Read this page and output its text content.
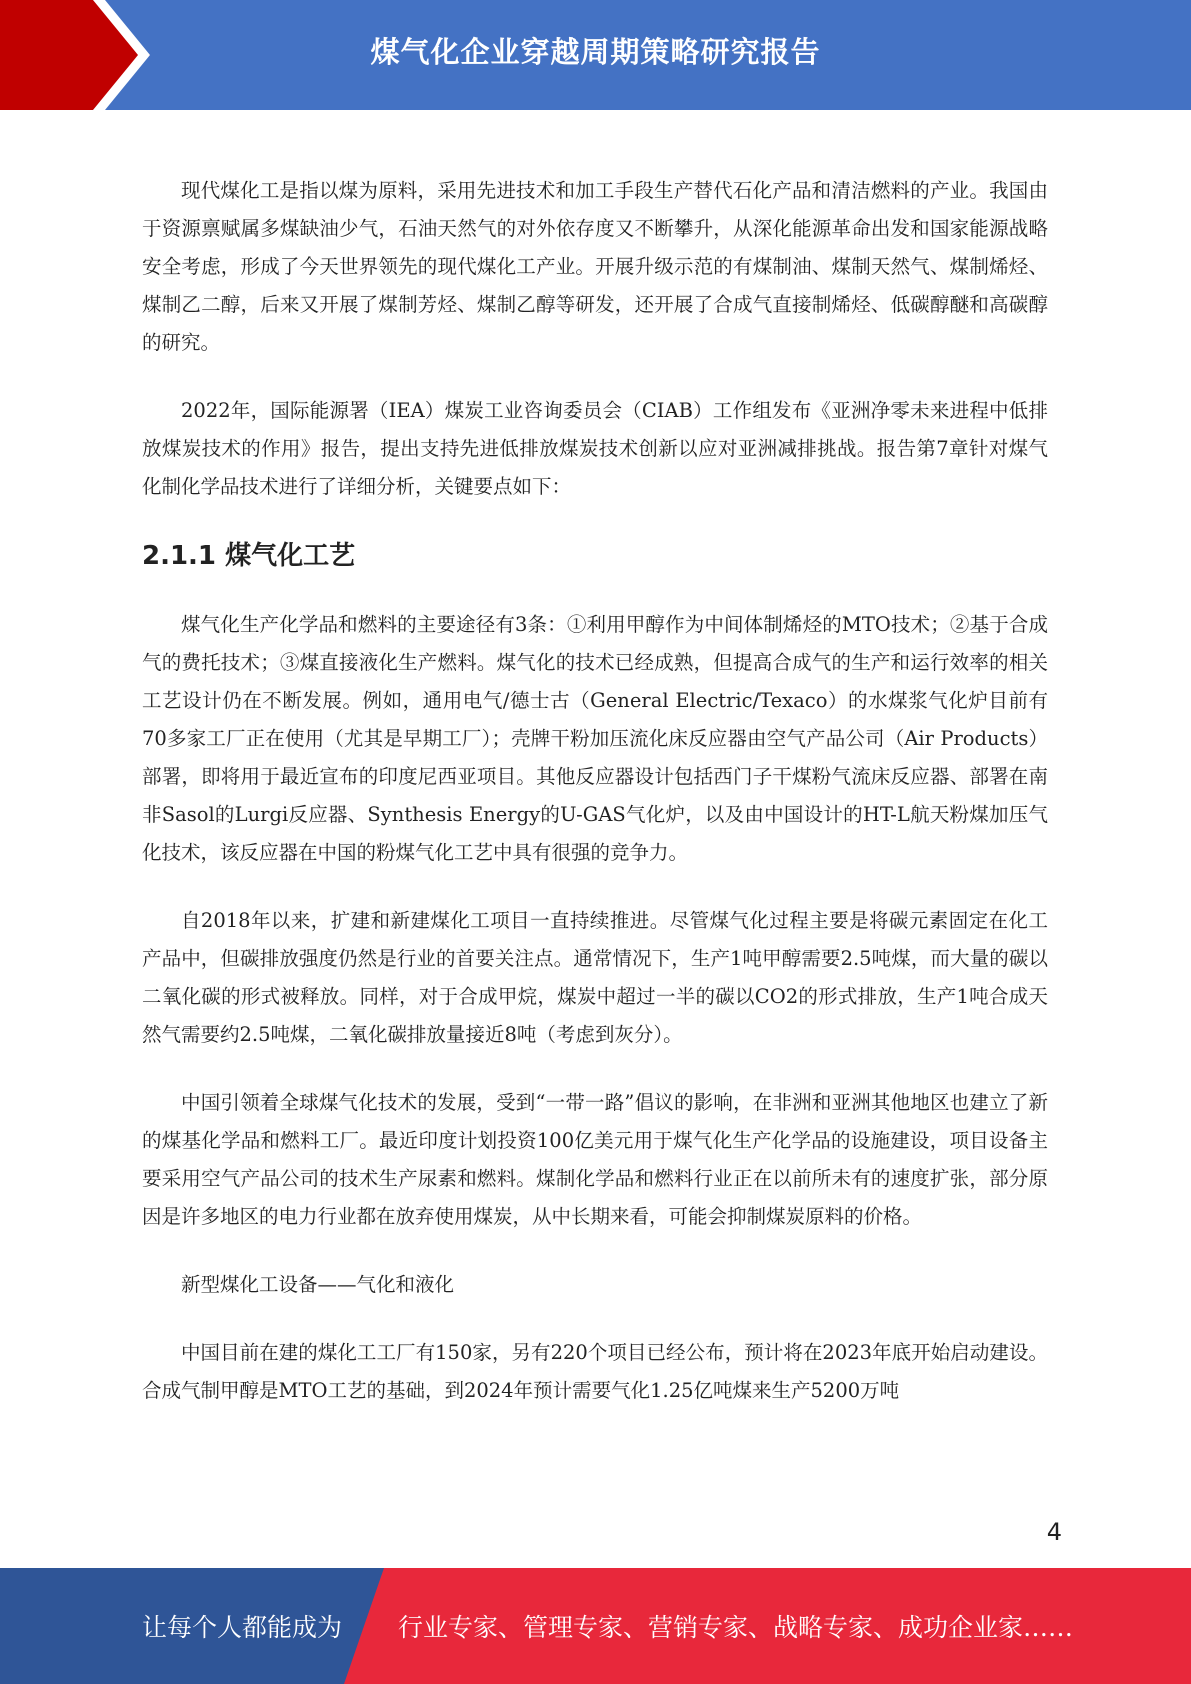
煤气化企业穿越周期策略研究报告

现代煤化工是指以煤为原料，采用先进技术和加工手段生产替代石化产品和清洁燃料的产业。我国由于资源禀赋属多煤缺油少气，石油天然气的对外依存度又不断攀升，从深化能源革命出发和国家能源战略安全考虑，形成了今天世界领先的现代煤化工产业。开展升级示范的有煤制油、煤制天然气、煤制烯烃、煤制乙二醇，后来又开展了煤制芳烃、煤制乙醇等研发，还开展了合成气直接制烯烃、低碳醇醚和高碳醇的研究。

2022年，国际能源署（IEA）煤炭工业咨询委员会（CIAB）工作组发布《亚洲净零未来进程中低排放煤炭技术的作用》报告，提出支持先进低排放煤炭技术创新以应对亚洲减排挑战。报告第7章针对煤气化制化学品技术进行了详细分析，关键要点如下：

2.1.1 煤气化工艺

煤气化生产化学品和燃料的主要途径有3条：①利用甲醇作为中间体制烯烃的MTO技术；②基于合成气的费托技术；③煤直接液化生产燃料。煤气化的技术已经成熟，但提高合成气的生产和运行效率的相关工艺设计仍在不断发展。例如，通用电气/德士古（General Electric/Texaco）的水煤浆气化炉目前有70多家工厂正在使用（尤其是早期工厂）；壳牌干粉加压流化床反应器由空气产品公司（Air Products）部署，即将用于最近宣布的印度尼西亚项目。其他反应器设计包括西门子干煤粉气流床反应器、部署在南非Sasol的Lurgi反应器、Synthesis Energy的U-GAS气化炉，以及由中国设计的HT-L航天粉煤加压气化技术，该反应器在中国的粉煤气化工艺中具有很强的竞争力。

自2018年以来，扩建和新建煤化工项目一直持续推进。尽管煤气化过程主要是将碳元素固定在化工产品中，但碳排放强度仍然是行业的首要关注点。通常情况下，生产1吨甲醇需要2.5吨煤，而大量的碳以二氧化碳的形式被释放。同样，对于合成甲烷，煤炭中超过一半的碳以CO2的形式排放，生产1吨合成天然气需要约2.5吨煤，二氧化碳排放量接近8吨（考虑到灰分）。

中国引领着全球煤气化技术的发展，受到“一带一路”倡议的影响，在非洲和亚洲其他地区也建立了新的煤基化学品和燃料工厂。最近印度计划投资100亿美元用于煤气化生产化学品的设施建设，项目设备主要采用空气产品公司的技术生产尿素和燃料。煤制化学品和燃料行业正在以前所未有的速度扩张，部分原因是许多地区的电力行业都在放弃使用煤炭，从中长期来看，可能会抑制煤炭原料的价格。

新型煤化工设备——气化和液化

中国目前在建的煤化工工厂有150家，另有220个项目已经公布，预计将在2023年底开始启动建设。合成气制甲醇是MTO工艺的基础，到2024年预计需要气化1.25亿吨煤来生产5200万吨

4
让每个人都能成为 行业专家、管理专家、营销专家、战略专家、成功企业家……
